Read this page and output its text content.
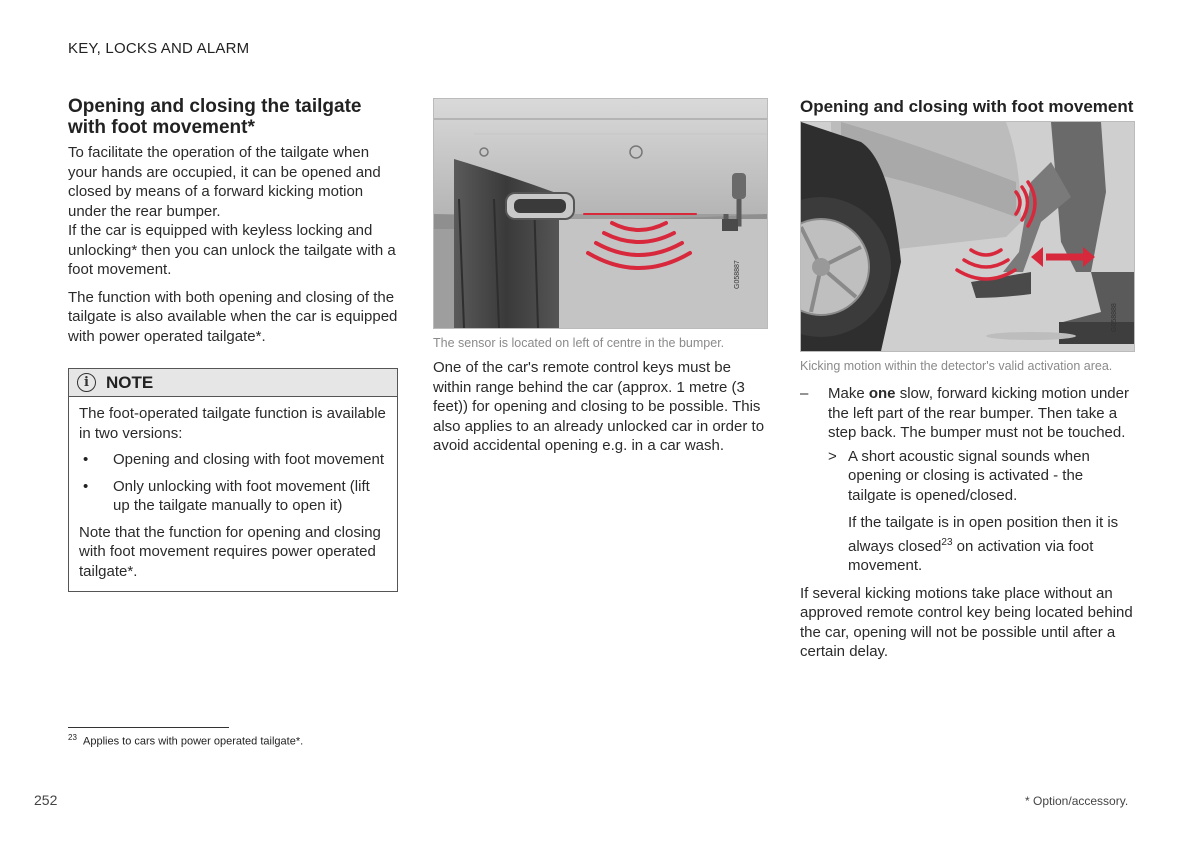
KEY, LOCKS AND ALARM
Opening and closing the tailgate with foot movement*

To facilitate the operation of the tailgate when your hands are occupied, it can be opened and closed by means of a forward kicking motion under the rear bumper.

If the car is equipped with keyless locking and unlocking* then you can unlock the tailgate with a foot movement.

The function with both opening and closing of the tailgate is also available when the car is equipped with power operated tailgate*.

i	NOTE

The foot-operated tailgate function is available in two versions:

•	Opening and closing with foot movement
•	Only unlocking with foot movement (lift up the tailgate manually to open it)

Note that the function for opening and closing with foot movement requires power operated tailgate*.

G058887

The sensor is located on left of centre in the bumper.

One of the car's remote control keys must be within range behind the car (approx. 1 metre (3 feet)) for opening and closing to be possible. This also applies to an already unlocked car in order to avoid accidental opening e.g. in a car wash.

Opening and closing with foot movement
G058888

Kicking motion within the detector's valid activation area.

–	Make one slow, forward kicking motion under the left part of the rear bumper. Then take a step back. The bumper must not be touched.

> A short acoustic signal sounds when opening or closing is activated - the tailgate is opened/closed.

If the tailgate is in open position then it is always closed$^{23}$ on activation via foot movement.

If several kicking motions take place without an approved remote control key being located behind the car, opening will not be possible until after a certain delay.

$^{23}$ Applies to cars with power operated tailgate*.
252	* Option/accessory.
